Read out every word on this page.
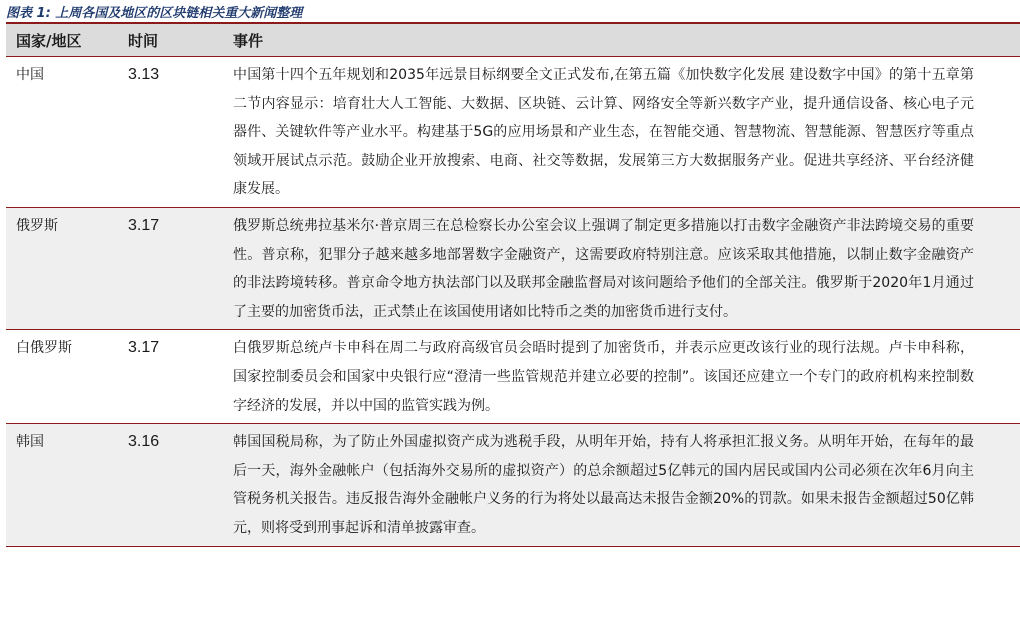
图表 1: 上周各国及地区的区块链相关重大新闻整理
国家/地区	时间	事件
中国	3.13	中国第十四个五年规划和2035年远景目标纲要全文正式发布,在第五篇《加快数字化发展 建设数字中国》的第十五章第二节内容显示：培育壮大人工智能、大数据、区块链、云计算、网络安全等新兴数字产业，提升通信设备、核心电子元器件、关键软件等产业水平。构建基于5G的应用场景和产业生态，在智能交通、智慧物流、智慧能源、智慧医疗等重点领域开展试点示范。鼓励企业开放搜索、电商、社交等数据，发展第三方大数据服务产业。促进共享经济、平台经济健康发展。
俄罗斯	3.17	俄罗斯总统弗拉基米尔·普京周三在总检察长办公室会议上强调了制定更多措施以打击数字金融资产非法跨境交易的重要性。普京称，犯罪分子越来越多地部署数字金融资产，这需要政府特别注意。应该采取其他措施，以制止数字金融资产的非法跨境转移。普京命令地方执法部门以及联邦金融监督局对该问题给予他们的全部关注。俄罗斯于2020年1月通过了主要的加密货币法，正式禁止在该国使用诸如比特币之类的加密货币进行支付。
白俄罗斯	3.17	白俄罗斯总统卢卡申科在周二与政府高级官员会晤时提到了加密货币，并表示应更改该行业的现行法规。卢卡申科称，国家控制委员会和国家中央银行应“澄清一些监管规范并建立必要的控制”。该国还应建立一个专门的政府机构来控制数字经济的发展，并以中国的监管实践为例。
韩国	3.16	韩国国税局称，为了防止外国虚拟资产成为逃税手段，从明年开始，持有人将承担汇报义务。从明年开始，在每年的最后一天，海外金融帐户（包括海外交易所的虚拟资产）的总余额超过5亿韩元的国内居民或国内公司必须在次年6月向主管税务机关报告。违反报告海外金融帐户义务的行为将处以最高达未报告金额20%的罚款。如果未报告金额超过50亿韩元，则将受到刑事起诉和清单披露审查。
